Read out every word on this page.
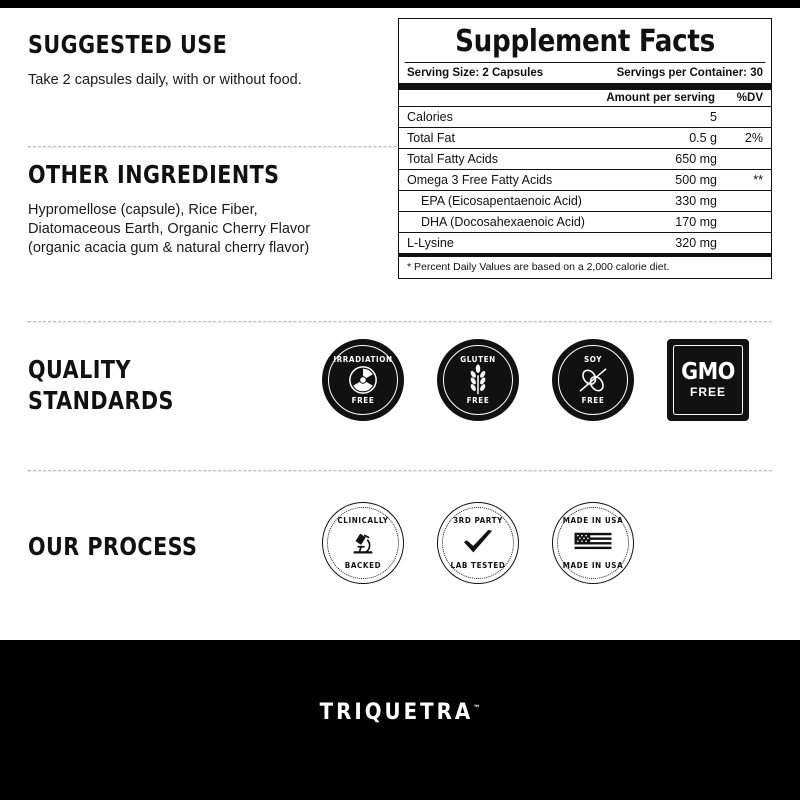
SUGGESTED USE

Take 2 capsules daily, with or without food.

OTHER INGREDIENTS

Hypromellose (capsule), Rice Fiber,

Diatomaceous Earth, Organic Cherry Flavor

(organic acacia gum & natural cherry flavor)

QUALITY
STANDARDS
IRRADIATION
FREE
GLUTEN
FREE
SOY
FREE
GMO
FREE
OUR PROCESS
CLINICALLY
BACKED
3RD PARTY
LAB TESTED
MADE IN USA
MADE IN USA
Supplement Facts
Serving Size: 2 Capsules	Servings per Container: 30
Amount per serving	%DV
Calories	5	
Total Fat	0.5 g	2%
Total Fatty Acids	650 mg	
Omega 3 Free Fatty Acids	500 mg	**
EPA (Eicosapentaenoic Acid)	330 mg	
DHA (Docosahexaenoic Acid)	170 mg	
L-Lysine	320 mg	
* Percent Daily Values are based on a 2,000 calorie diet.
TRIQUETRA™
